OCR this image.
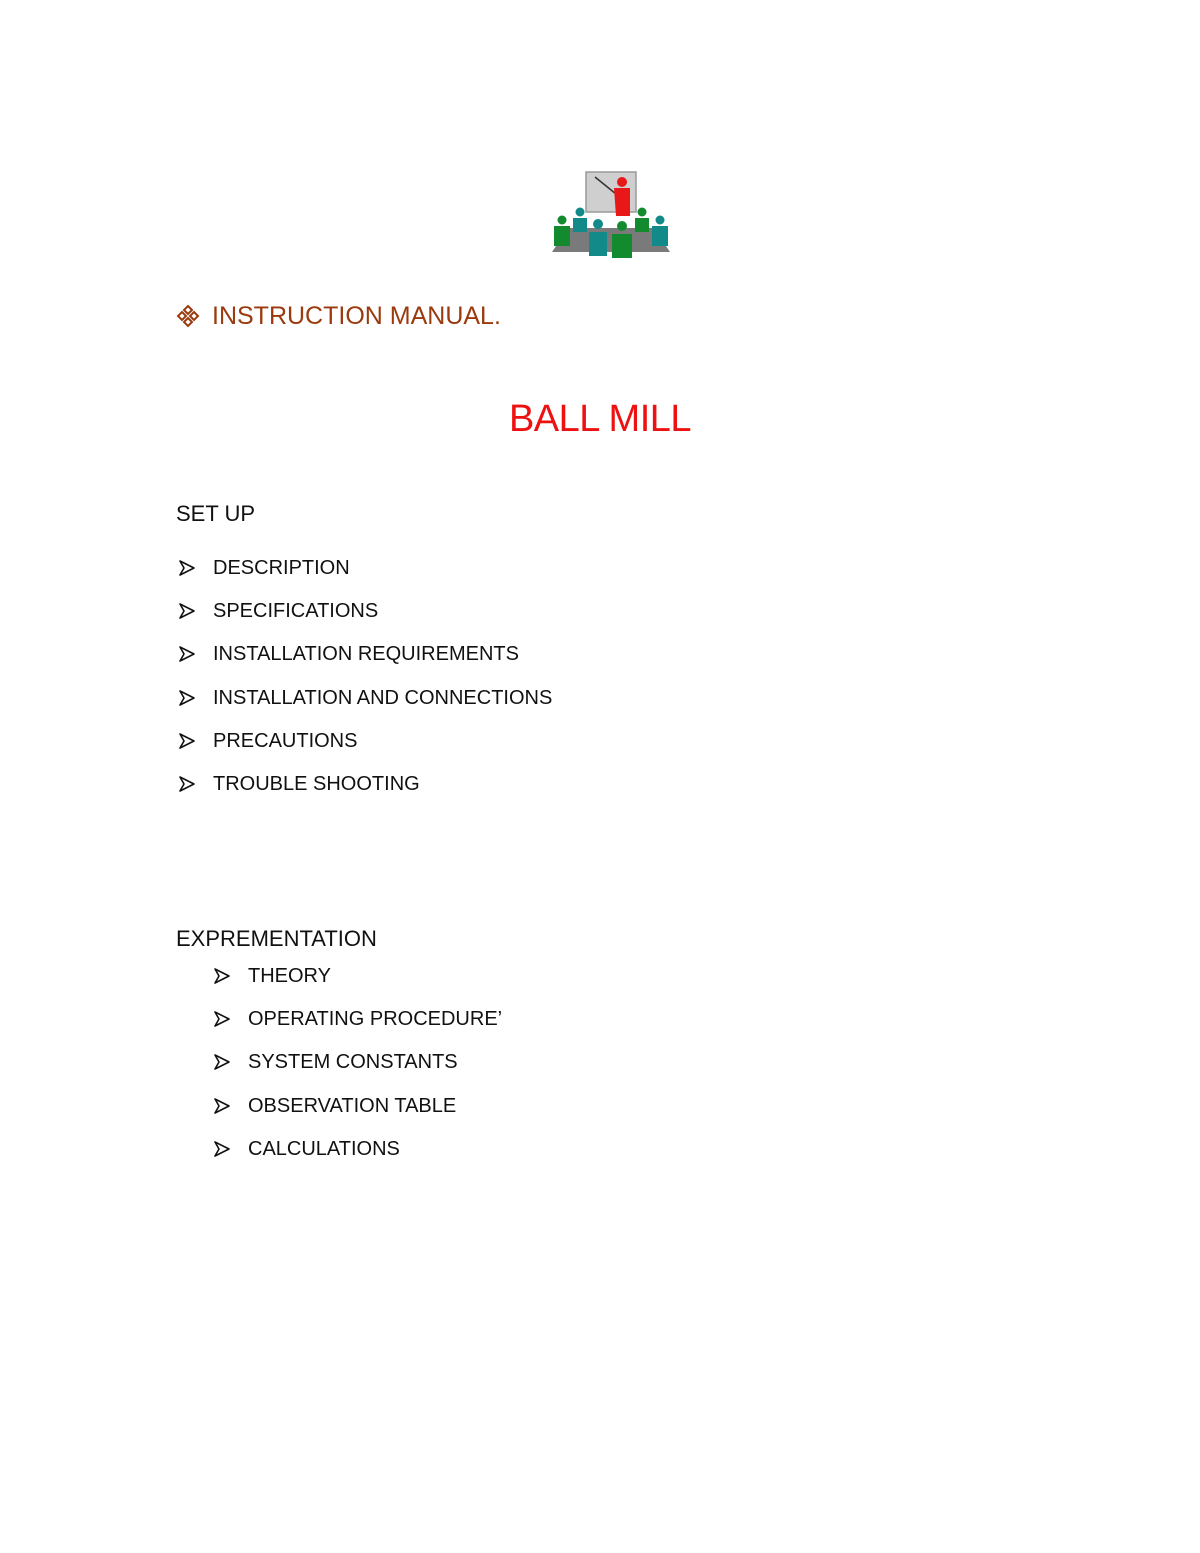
INSTRUCTION MANUAL.
BALL MILL
SET UP
DESCRIPTION
SPECIFICATIONS
INSTALLATION REQUIREMENTS
INSTALLATION AND CONNECTIONS
PRECAUTIONS
TROUBLE SHOOTING
EXPREMENTATION
THEORY
OPERATING PROCEDURE’
SYSTEM CONSTANTS
OBSERVATION TABLE
CALCULATIONS
